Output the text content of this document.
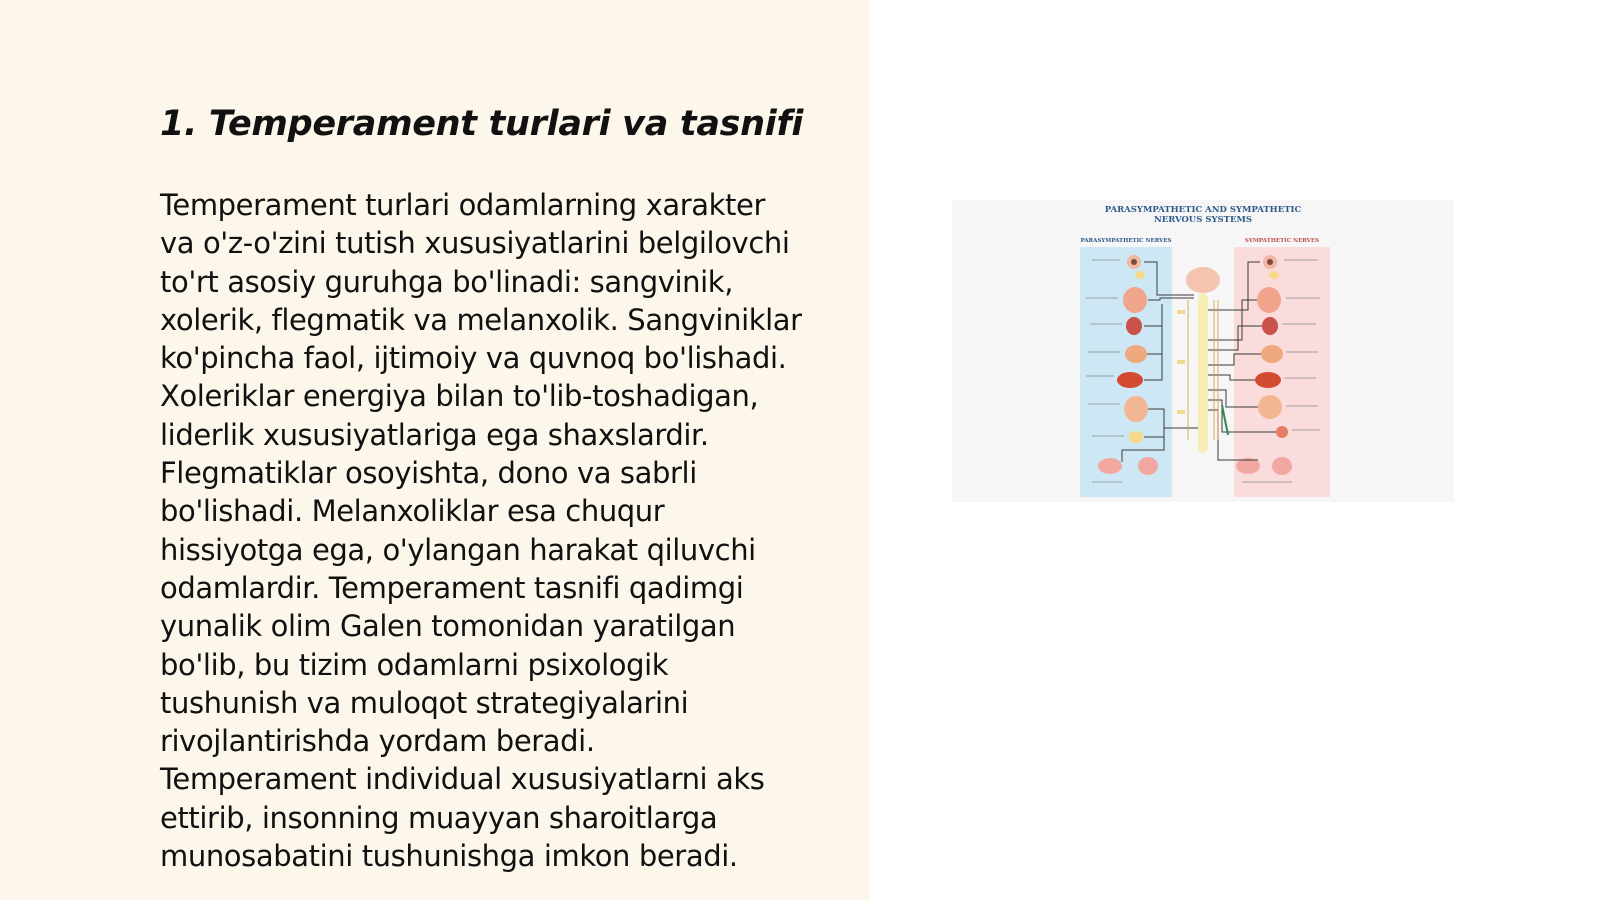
1. Temperament turlari va tasnifi

Temperament turlari odamlarning xarakter
va o'z-o'zini tutish xususiyatlarini belgilovchi
to'rt asosiy guruhga bo'linadi: sangvinik,
xolerik, flegmatik va melanxolik. Sangviniklar
ko'pincha faol, ijtimoiy va quvnoq bo'lishadi.
Xoleriklar energiya bilan to'lib-toshadigan,
liderlik xususiyatlariga ega shaxslardir.
Flegmatiklar osoyishta, dono va sabrli
bo'lishadi. Melanxoliklar esa chuqur
hissiyotga ega, o'ylangan harakat qiluvchi
odamlardir. Temperament tasnifi qadimgi
yunalik olim Galen tomonidan yaratilgan
bo'lib, bu tizim odamlarni psixologik
tushunish va muloqot strategiyalarini
rivojlantirishda yordam beradi.
Temperament individual xususiyatlarni aks
ettirib, insonning muayyan sharoitlarga
munosabatini tushunishga imkon beradi.

PARASYMPATHETIC AND SYMPATHETIC
NERVOUS SYSTEMS
PARASYMPATHETIC NERVES	SYMPATHETIC NERVES
